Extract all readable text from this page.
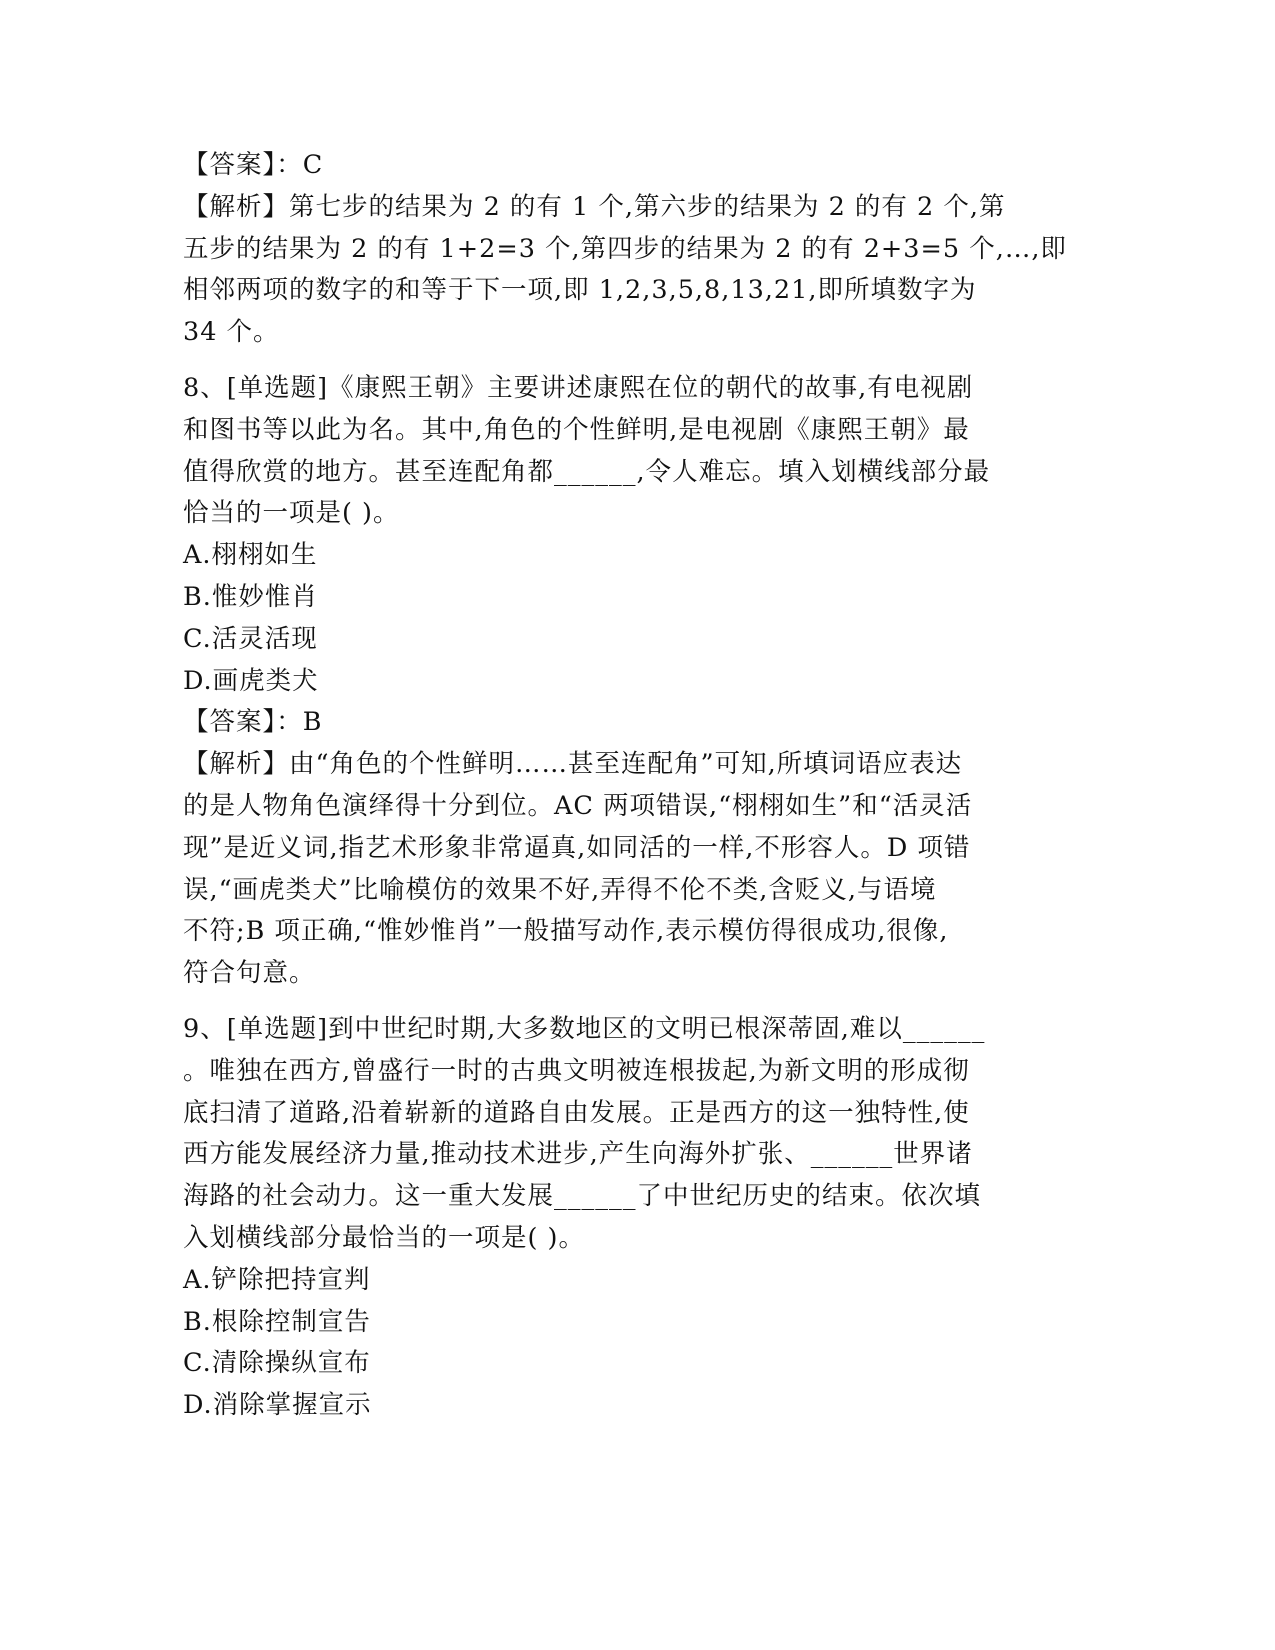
【答案】：C
【解析】第七步的结果为 2 的有 1 个,第六步的结果为 2 的有 2 个,第
五步的结果为 2 的有 1+2=3 个,第四步的结果为 2 的有 2+3=5 个,…,即
相邻两项的数字的和等于下一项,即 1,2,3,5,8,13,21,即所填数字为
34 个。
8、[单选题]《康熙王朝》主要讲述康熙在位的朝代的故事,有电视剧
和图书等以此为名。其中,角色的个性鲜明,是电视剧《康熙王朝》最
值得欣赏的地方。甚至连配角都______,令人难忘。填入划横线部分最
恰当的一项是( )。
A.栩栩如生
B.惟妙惟肖
C.活灵活现
D.画虎类犬
【答案】：B
【解析】由“角色的个性鲜明……甚至连配角”可知,所填词语应表达
的是人物角色演绎得十分到位。AC 两项错误,“栩栩如生”和“活灵活
现”是近义词,指艺术形象非常逼真,如同活的一样,不形容人。D 项错
误,“画虎类犬”比喻模仿的效果不好,弄得不伦不类,含贬义,与语境
不符;B 项正确,“惟妙惟肖”一般描写动作,表示模仿得很成功,很像,
符合句意。
9、[单选题]到中世纪时期,大多数地区的文明已根深蒂固,难以______
。唯独在西方,曾盛行一时的古典文明被连根拔起,为新文明的形成彻
底扫清了道路,沿着崭新的道路自由发展。正是西方的这一独特性,使
西方能发展经济力量,推动技术进步,产生向海外扩张、______世界诸
海路的社会动力。这一重大发展______了中世纪历史的结束。依次填
入划横线部分最恰当的一项是( )。
A.铲除把持宣判
B.根除控制宣告
C.清除操纵宣布
D.消除掌握宣示
